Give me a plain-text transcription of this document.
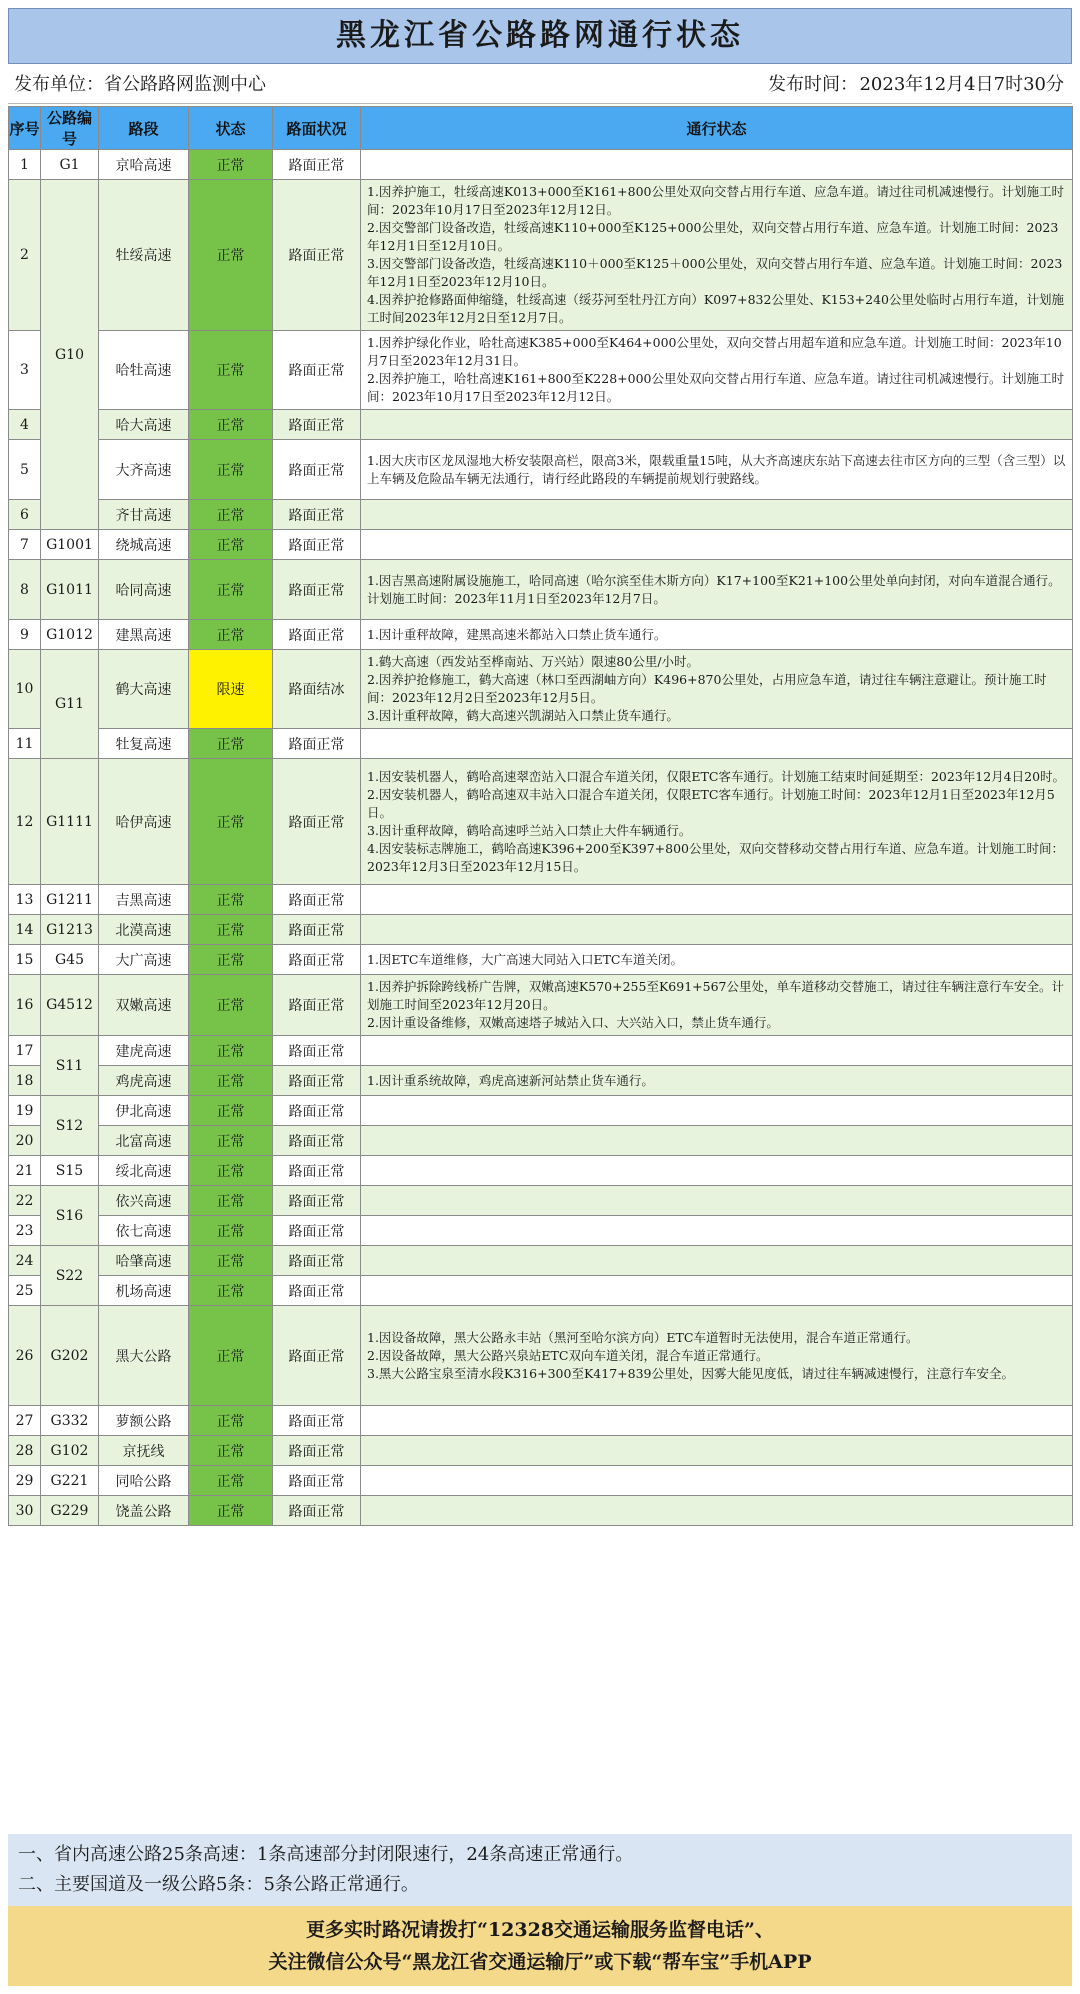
黑龙江省公路路网通行状态
发布单位：省公路路网监测中心	发布时间： 2023年12月4日7时30分
序号	公路编号	路段	状态	路面状况	通行状态
1	G1	京哈高速	正常	路面正常	
2	G10	牡绥高速	正常	路面正常	1.因养护施工，牡绥高速K013+000至K161+800公里处双向交替占用行车道、应急车道。请过往司机减速慢行。计划施工时间：2023年10月17日至2023年12月12日。
2.因交警部门设备改造，牡绥高速K110+000至K125+000公里处，双向交替占用行车道、应急车道。计划施工时间：2023年12月1日至12月10日。
3.因交警部门设备改造，牡绥高速K110＋000至K125＋000公里处，双向交替占用行车道、应急车道。计划施工时间：2023年12月1日至2023年12月10日。
4.因养护抢修路面伸缩缝，牡绥高速（绥芬河至牡丹江方向）K097+832公里处、K153+240公里处临时占用行车道，计划施工时间2023年12月2日至12月7日。

3		哈牡高速	正常	路面正常	1.因养护绿化作业，哈牡高速K385+000至K464+000公里处，双向交替占用超车道和应急车道。计划施工时间：2023年10月7日至2023年12月31日。
2.因养护施工，哈牡高速K161+800至K228+000公里处双向交替占用行车道、应急车道。请过往司机减速慢行。计划施工时间：2023年10月17日至2023年12月12日。

4		哈大高速	正常	路面正常	
5		大齐高速	正常	路面正常	1.因大庆市区龙凤湿地大桥安装限高栏，限高3米，限载重量15吨，从大齐高速庆东站下高速去往市区方向的三型（含三型）以上车辆及危险品车辆无法通行，请行经此路段的车辆提前规划行驶路线。

6		齐甘高速	正常	路面正常	
7	G1001	绕城高速	正常	路面正常	
8	G1011	哈同高速	正常	路面正常	1.因吉黑高速附属设施施工，哈同高速（哈尔滨至佳木斯方向）K17+100至K21+100公里处单向封闭，对向车道混合通行。计划施工时间：2023年11月1日至2023年12月7日。

9	G1012	建黑高速	正常	路面正常	1.因计重秤故障，建黑高速米都站入口禁止货车通行。

10	G11	鹤大高速	限速	路面结冰	1.鹤大高速（西发站至桦南站、万兴站）限速80公里/小时。
2.因养护抢修施工，鹤大高速（林口至西湖岫方向）K496+870公里处，占用应急车道，请过往车辆注意避让。预计施工时间：2023年12月2日至2023年12月5日。
3.因计重秤故障，鹤大高速兴凯湖站入口禁止货车通行。

11		牡复高速	正常	路面正常	
12	G1111	哈伊高速	正常	路面正常	1.因安装机器人，鹤哈高速翠峦站入口混合车道关闭，仅限ETC客车通行。计划施工结束时间延期至：2023年12月4日20时。
2.因安装机器人，鹤哈高速双丰站入口混合车道关闭，仅限ETC客车通行。计划施工时间：2023年12月1日至2023年12月5日。
3.因计重秤故障，鹤哈高速呼兰站入口禁止大件车辆通行。
4.因安装标志牌施工，鹤哈高速K396+200至K397+800公里处，双向交替移动交替占用行车道、应急车道。计划施工时间：2023年12月3日至2023年12月15日。

13	G1211	吉黑高速	正常	路面正常	
14	G1213	北漠高速	正常	路面正常	
15	G45	大广高速	正常	路面正常	1.因ETC车道维修，大广高速大同站入口ETC车道关闭。

16	G4512	双嫩高速	正常	路面正常	1.因养护拆除跨线桥广告牌，双嫩高速K570+255至K691+567公里处，单车道移动交替施工，请过往车辆注意行车安全。计划施工时间至2023年12月20日。
2.因计重设备维修，双嫩高速塔子城站入口、大兴站入口，禁止货车通行。

17	S11	建虎高速	正常	路面正常	
18		鸡虎高速	正常	路面正常	1.因计重系统故障，鸡虎高速新河站禁止货车通行。

19	S12	伊北高速	正常	路面正常	
20		北富高速	正常	路面正常	
21	S15	绥北高速	正常	路面正常	
22	S16	依兴高速	正常	路面正常	
23		依七高速	正常	路面正常	
24	S22	哈肇高速	正常	路面正常	
25		机场高速	正常	路面正常	
26	G202	黑大公路	正常	路面正常	1.因设备故障，黑大公路永丰站（黑河至哈尔滨方向）ETC车道暂时无法使用，混合车道正常通行。
2.因设备故障，黑大公路兴泉站ETC双向车道关闭，混合车道正常通行。
3.黑大公路宝泉至清水段K316+300至K417+839公里处，因雾大能见度低，请过往车辆减速慢行，注意行车安全。

27	G332	萝额公路	正常	路面正常	
28	G102	京抚线	正常	路面正常	
29	G221	同哈公路	正常	路面正常	
30	G229	饶盖公路	正常	路面正常	
一、省内高速公路25条高速：1条高速部分封闭限速行，24条高速正常通行。
二、主要国道及一级公路5条：5条公路正常通行。
更多实时路况请拨打“12328交通运输服务监督电话”、
关注微信公众号“黑龙江省交通运输厅”或下载“帮车宝”手机APP
